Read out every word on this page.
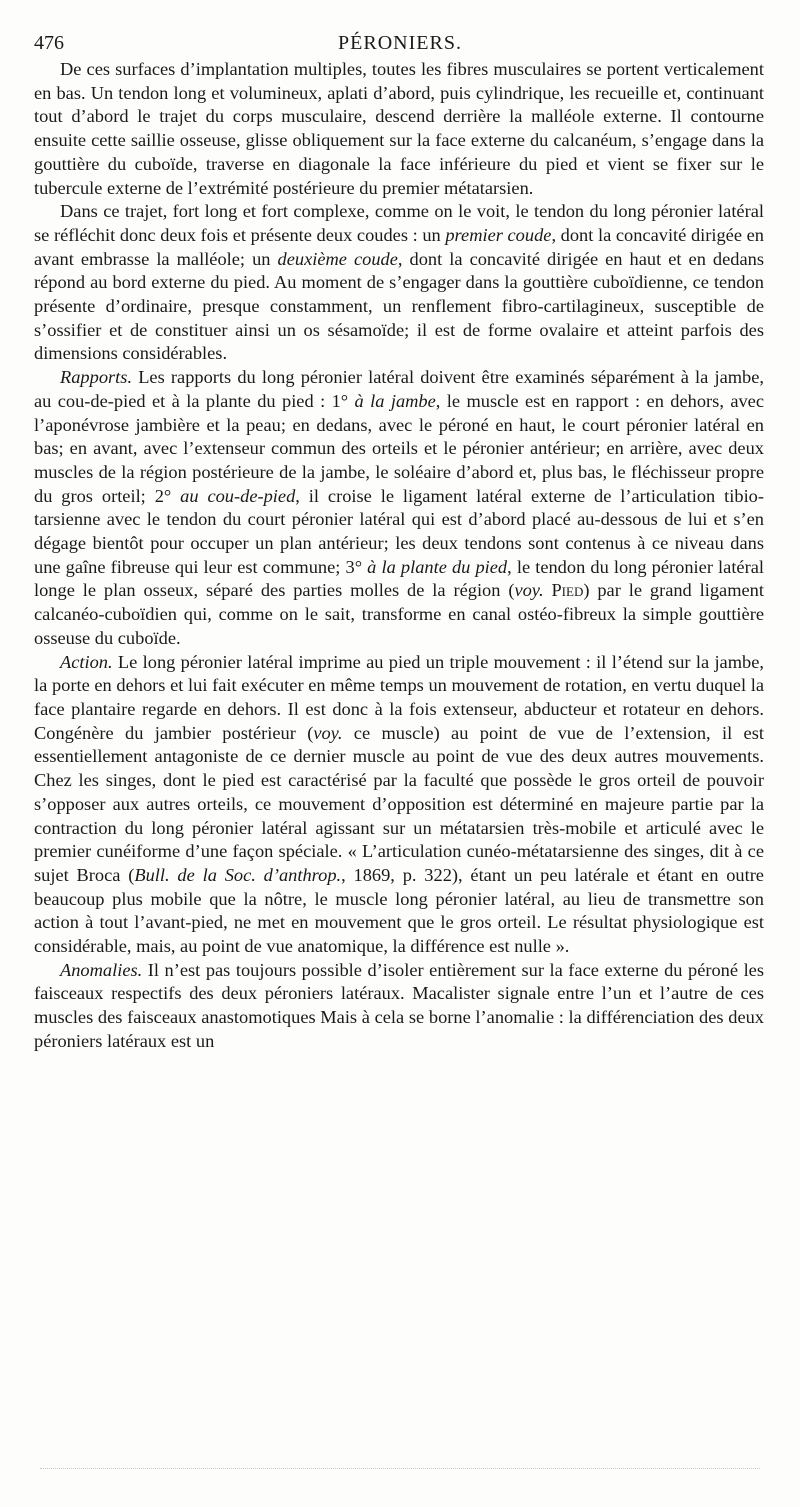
476	PÉRONIERS.

De ces surfaces d’implantation multiples, toutes les fibres musculaires se portent verticalement en bas. Un tendon long et volumineux, aplati d’abord, puis cylindrique, les recueille et, continuant tout d’abord le trajet du corps musculaire, descend derrière la malléole externe. Il contourne ensuite cette saillie osseuse, glisse obliquement sur la face externe du calcanéum, s’engage dans la gouttière du cuboïde, traverse en diagonale la face inférieure du pied et vient se fixer sur le tubercule externe de l’extrémité postérieure du premier métatarsien.

Dans ce trajet, fort long et fort complexe, comme on le voit, le tendon du long péronier latéral se réfléchit donc deux fois et présente deux coudes : un premier coude, dont la concavité dirigée en avant embrasse la malléole; un deuxième coude, dont la concavité dirigée en haut et en dedans répond au bord externe du pied. Au moment de s’engager dans la gouttière cuboïdienne, ce tendon présente d’ordinaire, presque constamment, un renflement fibro-cartilagineux, susceptible de s’ossifier et de constituer ainsi un os sésamoïde; il est de forme ovalaire et atteint parfois des dimensions considérables.

Rapports. Les rapports du long péronier latéral doivent être examinés séparément à la jambe, au cou-de-pied et à la plante du pied : 1° à la jambe, le muscle est en rapport : en dehors, avec l’aponévrose jambière et la peau; en dedans, avec le péroné en haut, le court péronier latéral en bas; en avant, avec l’extenseur commun des orteils et le péronier antérieur; en arrière, avec deux muscles de la région postérieure de la jambe, le soléaire d’abord et, plus bas, le fléchisseur propre du gros orteil; 2° au cou-de-pied, il croise le ligament latéral externe de l’articulation tibio-tarsienne avec le tendon du court péronier latéral qui est d’abord placé au-dessous de lui et s’en dégage bientôt pour occuper un plan antérieur; les deux tendons sont contenus à ce niveau dans une gaîne fibreuse qui leur est commune; 3° à la plante du pied, le tendon du long péronier latéral longe le plan osseux, séparé des parties molles de la région (voy. Pied) par le grand ligament calcanéo-cuboïdien qui, comme on le sait, transforme en canal ostéo-fibreux la simple gouttière osseuse du cuboïde.

Action. Le long péronier latéral imprime au pied un triple mouvement : il l’étend sur la jambe, la porte en dehors et lui fait exécuter en même temps un mouvement de rotation, en vertu duquel la face plantaire regarde en dehors. Il est donc à la fois extenseur, abducteur et rotateur en dehors. Congénère du jambier postérieur (voy. ce muscle) au point de vue de l’extension, il est essentiellement antagoniste de ce dernier muscle au point de vue des deux autres mouvements. Chez les singes, dont le pied est caractérisé par la faculté que possède le gros orteil de pouvoir s’opposer aux autres orteils, ce mouvement d’opposition est déterminé en majeure partie par la contraction du long péronier latéral agissant sur un métatarsien très-mobile et articulé avec le premier cunéiforme d’une façon spéciale. « L’articulation cunéo-métatarsienne des singes, dit à ce sujet Broca (Bull. de la Soc. d’anthrop., 1869, p. 322), étant un peu latérale et étant en outre beaucoup plus mobile que la nôtre, le muscle long péronier latéral, au lieu de transmettre son action à tout l’avant-pied, ne met en mouvement que le gros orteil. Le résultat physiologique est considérable, mais, au point de vue anatomique, la différence est nulle ».

Anomalies. Il n’est pas toujours possible d’isoler entièrement sur la face externe du péroné les faisceaux respectifs des deux péroniers latéraux. Macalister signale entre l’un et l’autre de ces muscles des faisceaux anastomotiques Mais à cela se borne l’anomalie : la différenciation des deux péroniers latéraux est un
